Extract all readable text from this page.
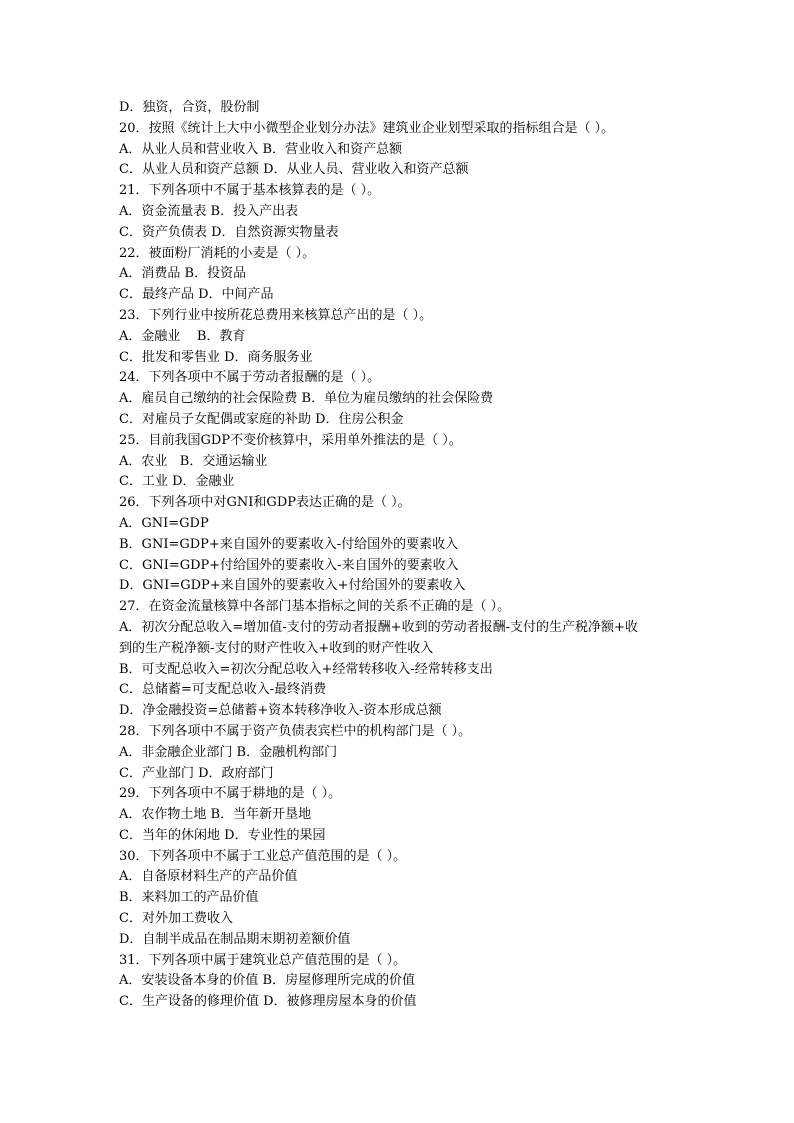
D．独资，合资，股份制
20．按照《统计上大中小微型企业划分办法》建筑业企业划型采取的指标组合是（ ）。
A．从业人员和营业收入 B．营业收入和资产总额
C．从业人员和资产总额 D．从业人员、营业收入和资产总额
21．下列各项中不属于基本核算表的是（ ）。
A．资金流量表 B．投入产出表
C．资产负债表 D．自然资源实物量表
22．被面粉厂消耗的小麦是（ ）。
A．消费品 B．投资品
C．最终产品 D．中间产品
23．下列行业中按所花总费用来核算总产出的是（ ）。
A．金融业    B．教育
C．批发和零售业 D．商务服务业
24．下列各项中不属于劳动者报酬的是（ ）。
A．雇员自己缴纳的社会保险费 B．单位为雇员缴纳的社会保险费
C．对雇员子女配偶或家庭的补助 D．住房公积金
25．目前我国GDP不变价核算中，采用单外推法的是（ ）。
A．农业   B．交通运输业
C．工业 D．金融业
26．下列各项中对GNI和GDP表达正确的是（ ）。
A．GNI=GDP
B．GNI=GDP+来自国外的要素收入-付给国外的要素收入
C．GNI=GDP+付给国外的要素收入-来自国外的要素收入
D．GNI=GDP+来自国外的要素收入+付给国外的要素收入
27．在资金流量核算中各部门基本指标之间的关系不正确的是（ ）。
A．初次分配总收入=增加值-支付的劳动者报酬+收到的劳动者报酬-支付的生产税净额+收
到的生产税净额-支付的财产性收入+收到的财产性收入
B．可支配总收入=初次分配总收入+经常转移收入-经常转移支出
C．总储蓄=可支配总收入-最终消费
D．净金融投资=总储蓄+资本转移净收入-资本形成总额
28．下列各项中不属于资产负债表宾栏中的机构部门是（ ）。
A．非金融企业部门 B．金融机构部门
C．产业部门 D．政府部门
29．下列各项中不属于耕地的是（ ）。
A．农作物土地 B．当年新开垦地
C．当年的休闲地 D．专业性的果园
30．下列各项中不属于工业总产值范围的是（ ）。
A．自备原材料生产的产品价值
B．来料加工的产品价值
C．对外加工费收入
D．自制半成品在制品期末期初差额价值
31．下列各项中属于建筑业总产值范围的是（ ）。
A．安装设备本身的价值 B．房屋修理所完成的价值
C．生产设备的修理价值 D．被修理房屋本身的价值
